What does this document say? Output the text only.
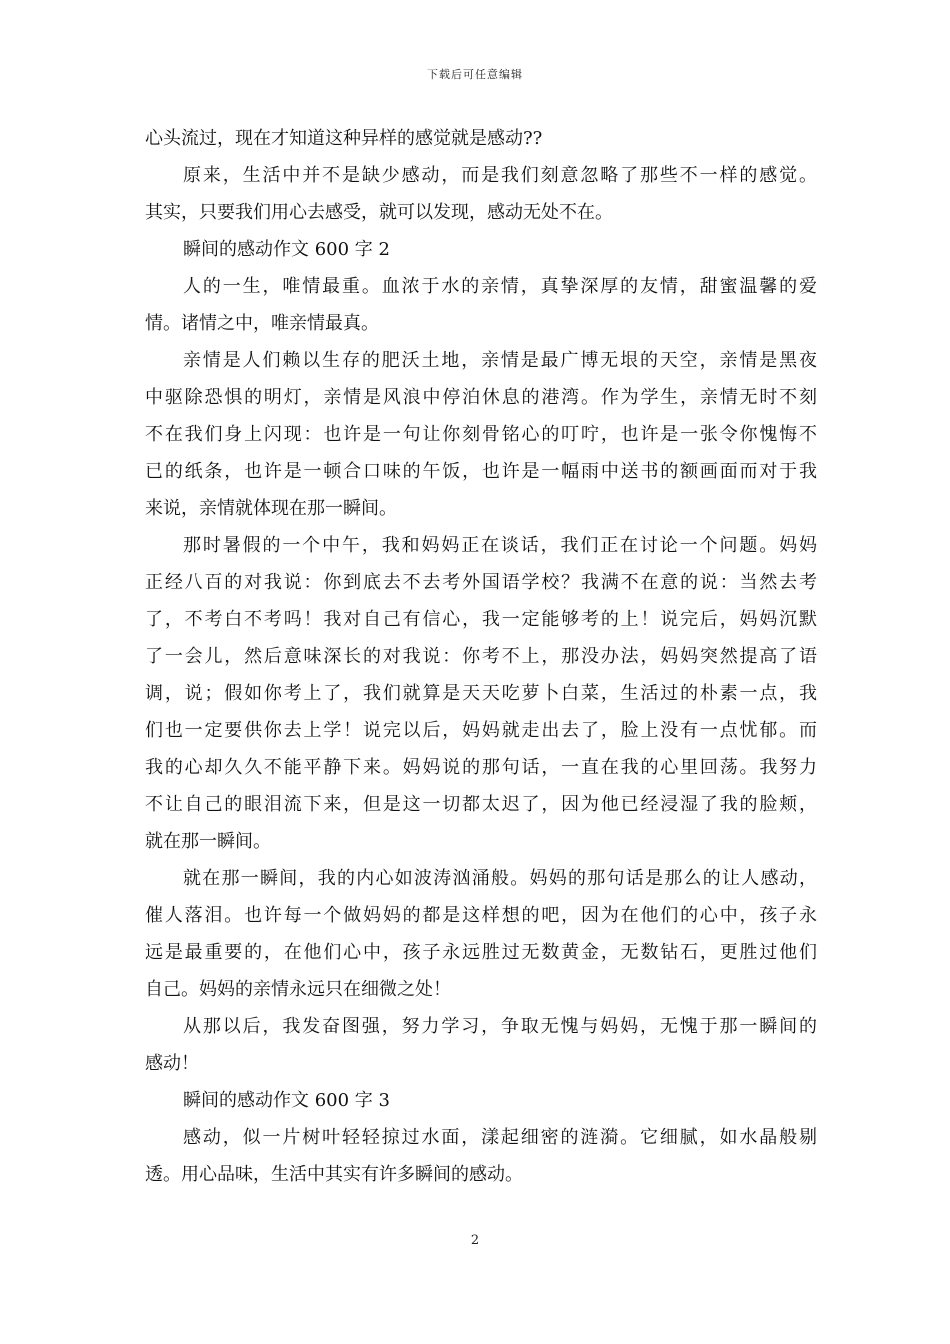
下载后可任意编辑
心头流过，现在才知道这种异样的感觉就是感动??
原来，生活中并不是缺少感动，而是我们刻意忽略了那些不一样的感觉。
其实，只要我们用心去感受，就可以发现，感动无处不在。
瞬间的感动作文 600 字 2
人的一生，唯情最重。血浓于水的亲情，真挚深厚的友情，甜蜜温馨的爱
情。诸情之中，唯亲情最真。
亲情是人们赖以生存的肥沃土地，亲情是最广博无垠的天空，亲情是黑夜
中驱除恐惧的明灯，亲情是风浪中停泊休息的港湾。作为学生，亲情无时不刻
不在我们身上闪现：也许是一句让你刻骨铭心的叮咛，也许是一张令你愧悔不
已的纸条，也许是一顿合口味的午饭，也许是一幅雨中送书的额画面而对于我
来说，亲情就体现在那一瞬间。
那时暑假的一个中午，我和妈妈正在谈话，我们正在讨论一个问题。妈妈
正经八百的对我说：你到底去不去考外国语学校？我满不在意的说：当然去考
了，不考白不考吗！我对自己有信心，我一定能够考的上！说完后，妈妈沉默
了一会儿，然后意味深长的对我说：你考不上，那没办法，妈妈突然提高了语
调，说；假如你考上了，我们就算是天天吃萝卜白菜，生活过的朴素一点，我
们也一定要供你去上学！说完以后，妈妈就走出去了，脸上没有一点忧郁。而
我的心却久久不能平静下来。妈妈说的那句话，一直在我的心里回荡。我努力
不让自己的眼泪流下来，但是这一切都太迟了，因为他已经浸湿了我的脸颊，
就在那一瞬间。
就在那一瞬间，我的内心如波涛汹涌般。妈妈的那句话是那么的让人感动，
催人落泪。也许每一个做妈妈的都是这样想的吧，因为在他们的心中，孩子永
远是最重要的，在他们心中，孩子永远胜过无数黄金，无数钻石，更胜过他们
自己。妈妈的亲情永远只在细微之处！
从那以后，我发奋图强，努力学习，争取无愧与妈妈，无愧于那一瞬间的
感动！
瞬间的感动作文 600 字 3
感动，似一片树叶轻轻掠过水面，漾起细密的涟漪。它细腻，如水晶般剔
透。用心品味，生活中其实有许多瞬间的感动。
2
